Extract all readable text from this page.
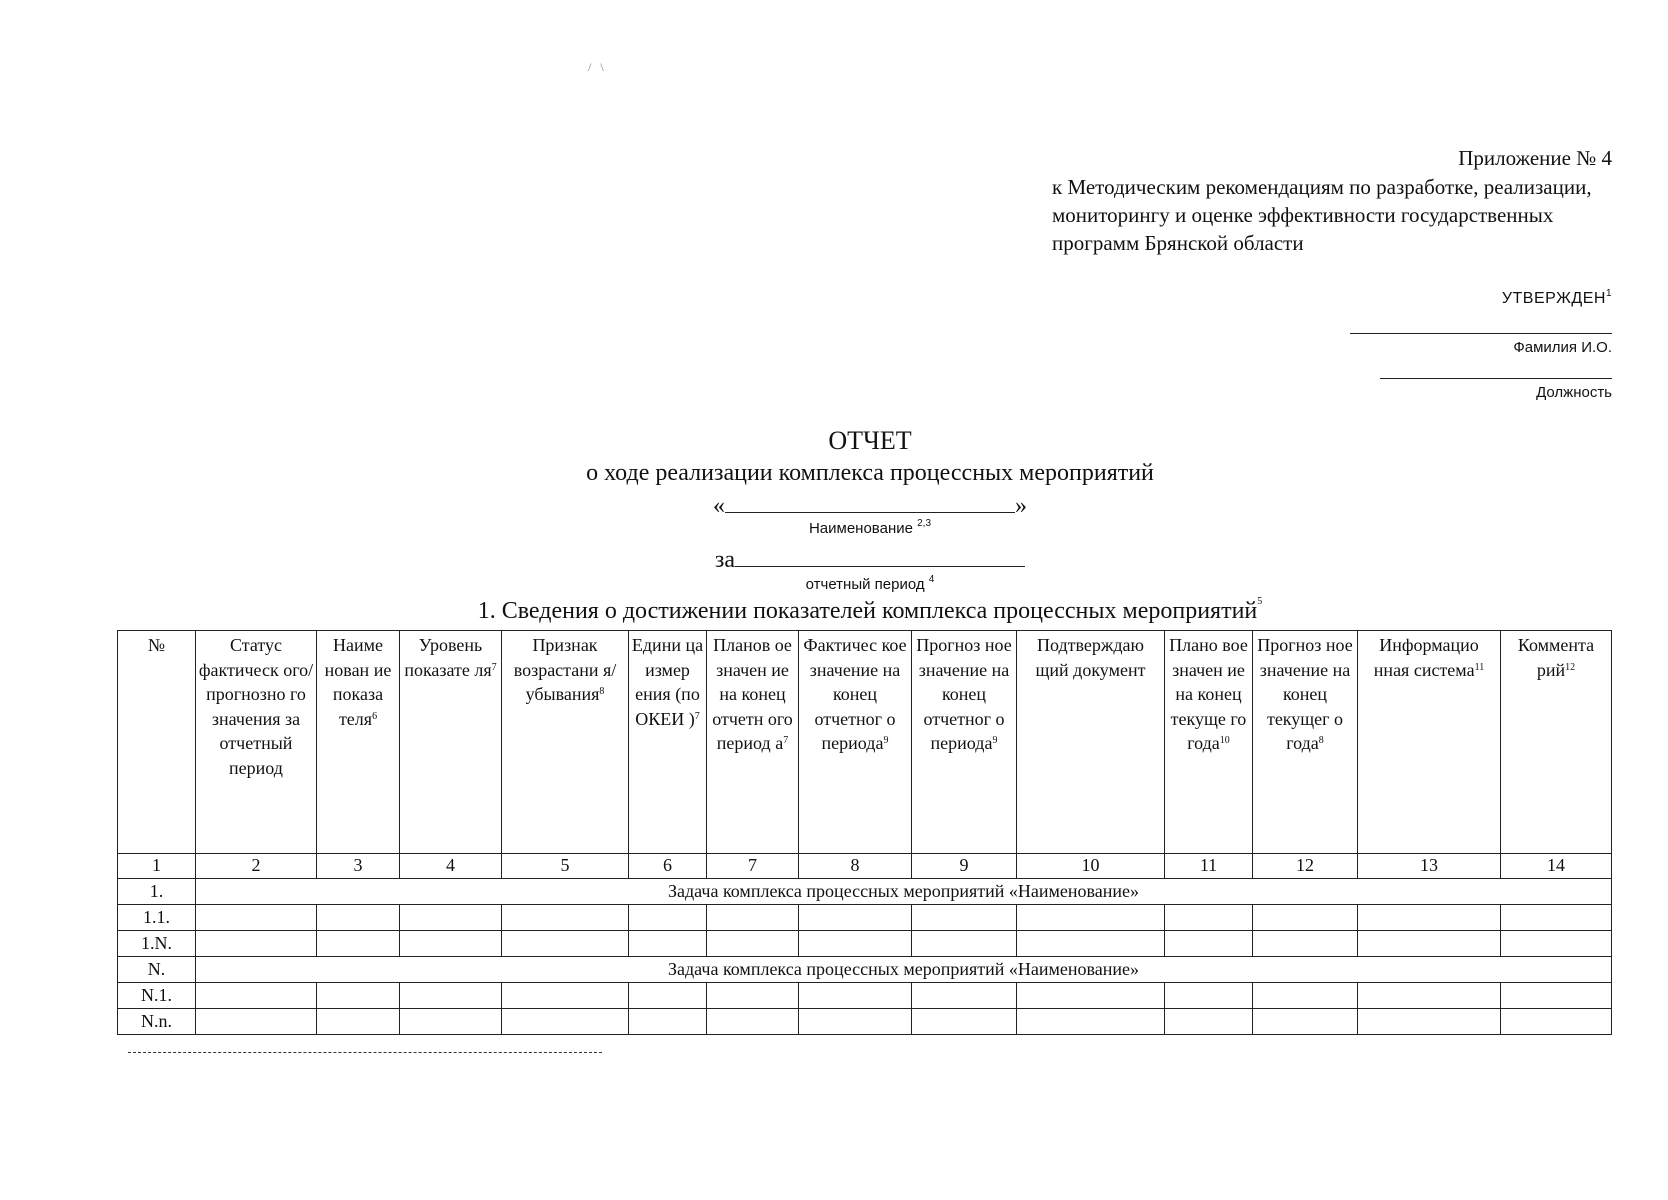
Приложение № 4
к Методическим рекомендациям по разработке, реализации, мониторингу и оценке эффективности государственных программ Брянской области
УТВЕРЖДЕН$^1$
Фамилия И.О.
Должность
ОТЧЕТ
о ходе реализации комплекса процессных мероприятий
«	»
Наименование $^{2,3}$
за
отчетный период $^4$
1. Сведения о достижении показателей комплекса процессных мероприятий$^5$
№	Статус фактическ ого/ прогнозно го значения за отчетный период	Наиме нован ие показа теля$^6$	Уровень показате $ля^7$	Признак возрастани я/ убывания$^8$	Едини ца измер ения (по ОКЕИ )$^7$	Планов ое значен ие на конец отчетн ого период $а^7$	Фактичес кое значение на конец отчетног о периода$^9$	Прогноз ное значение на конец отчетног о периода$^9$	Подтверждаю щий документ	Плано вое значен ие на конец текуще го года$^{10}$	Прогноз ное значение на конец текущег о года$^8$	Информацио нная система$^{11}$	Коммента рий$^{12}$
1	2	3	4	5	6	7	8	9	10	11	12	13	14
1.	Задача комплекса процессных мероприятий «Наименование»												
1.1.													
1.N.													
N.	Задача комплекса процессных мероприятий «Наименование»												
N.1.													
N.n.													
/   \
